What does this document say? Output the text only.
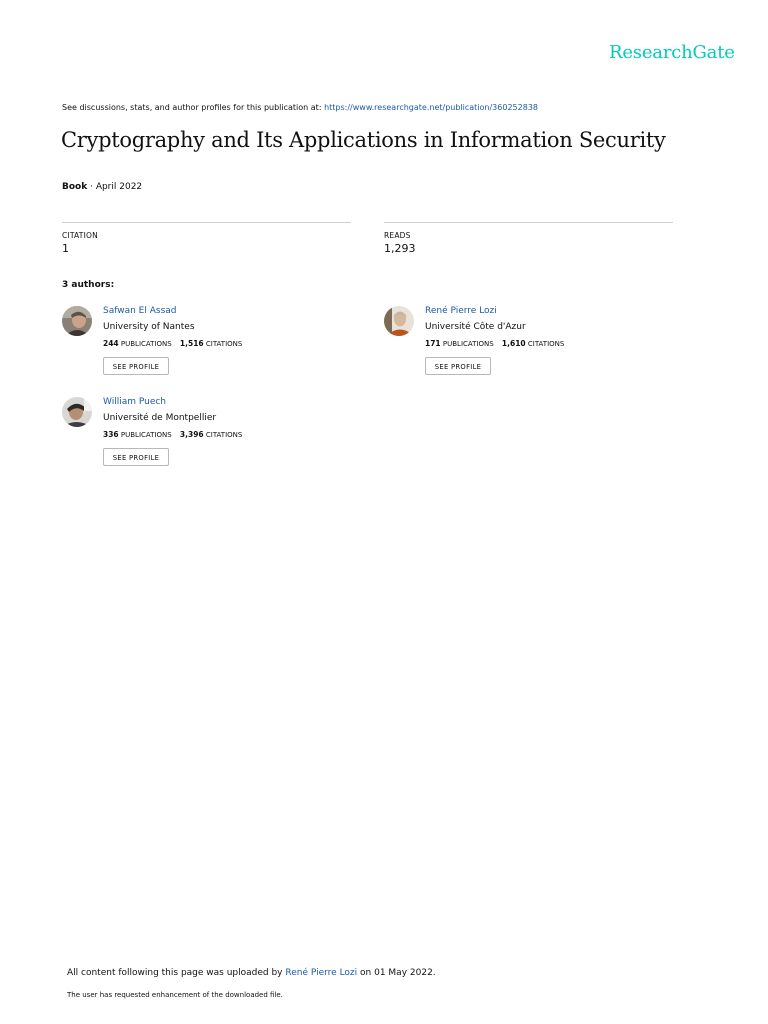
ResearchGate
See discussions, stats, and author profiles for this publication at: https://www.researchgate.net/publication/360252838
Cryptography and Its Applications in Information Security
Book · April 2022
CITATION
1
READS
1,293
3 authors:
Safwan El Assad
University of Nantes
244 PUBLICATIONS 1,516 CITATIONS
SEE PROFILE
René Pierre Lozi
Université Côte d'Azur
171 PUBLICATIONS 1,610 CITATIONS
SEE PROFILE
William Puech
Université de Montpellier
336 PUBLICATIONS 3,396 CITATIONS
SEE PROFILE
All content following this page was uploaded by René Pierre Lozi on 01 May 2022.
The user has requested enhancement of the downloaded file.
